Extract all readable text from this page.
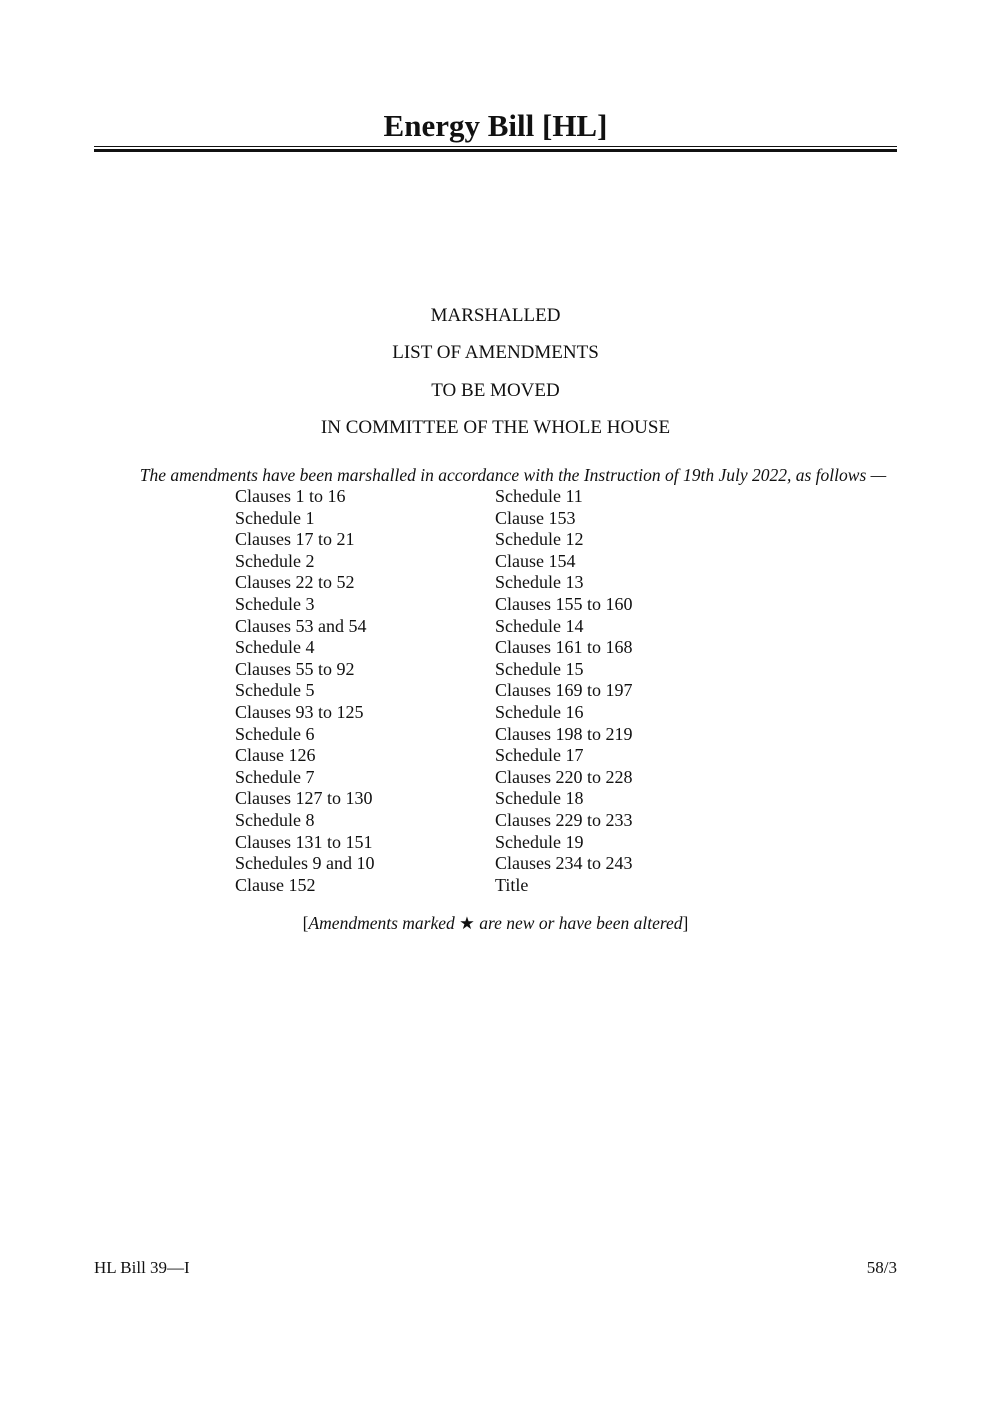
Energy Bill [HL]
MARSHALLED
LIST OF AMENDMENTS
TO BE MOVED
IN COMMITTEE OF THE WHOLE HOUSE
The amendments have been marshalled in accordance with the Instruction of 19th July 2022, as follows —
Clauses 1 to 16
Schedule 1
Clauses 17 to 21
Schedule 2
Clauses 22 to 52
Schedule 3
Clauses 53 and 54
Schedule 4
Clauses 55 to 92
Schedule 5
Clauses 93 to 125
Schedule 6
Clause 126
Schedule 7
Clauses 127 to 130
Schedule 8
Clauses 131 to 151
Schedules 9 and 10
Clause 152
Schedule 11
Clause 153
Schedule 12
Clause 154
Schedule 13
Clauses 155 to 160
Schedule 14
Clauses 161 to 168
Schedule 15
Clauses 169 to 197
Schedule 16
Clauses 198 to 219
Schedule 17
Clauses 220 to 228
Schedule 18
Clauses 229 to 233
Schedule 19
Clauses 234 to 243
Title
[Amendments marked ★ are new or have been altered]
HL Bill 39—I	58/3
